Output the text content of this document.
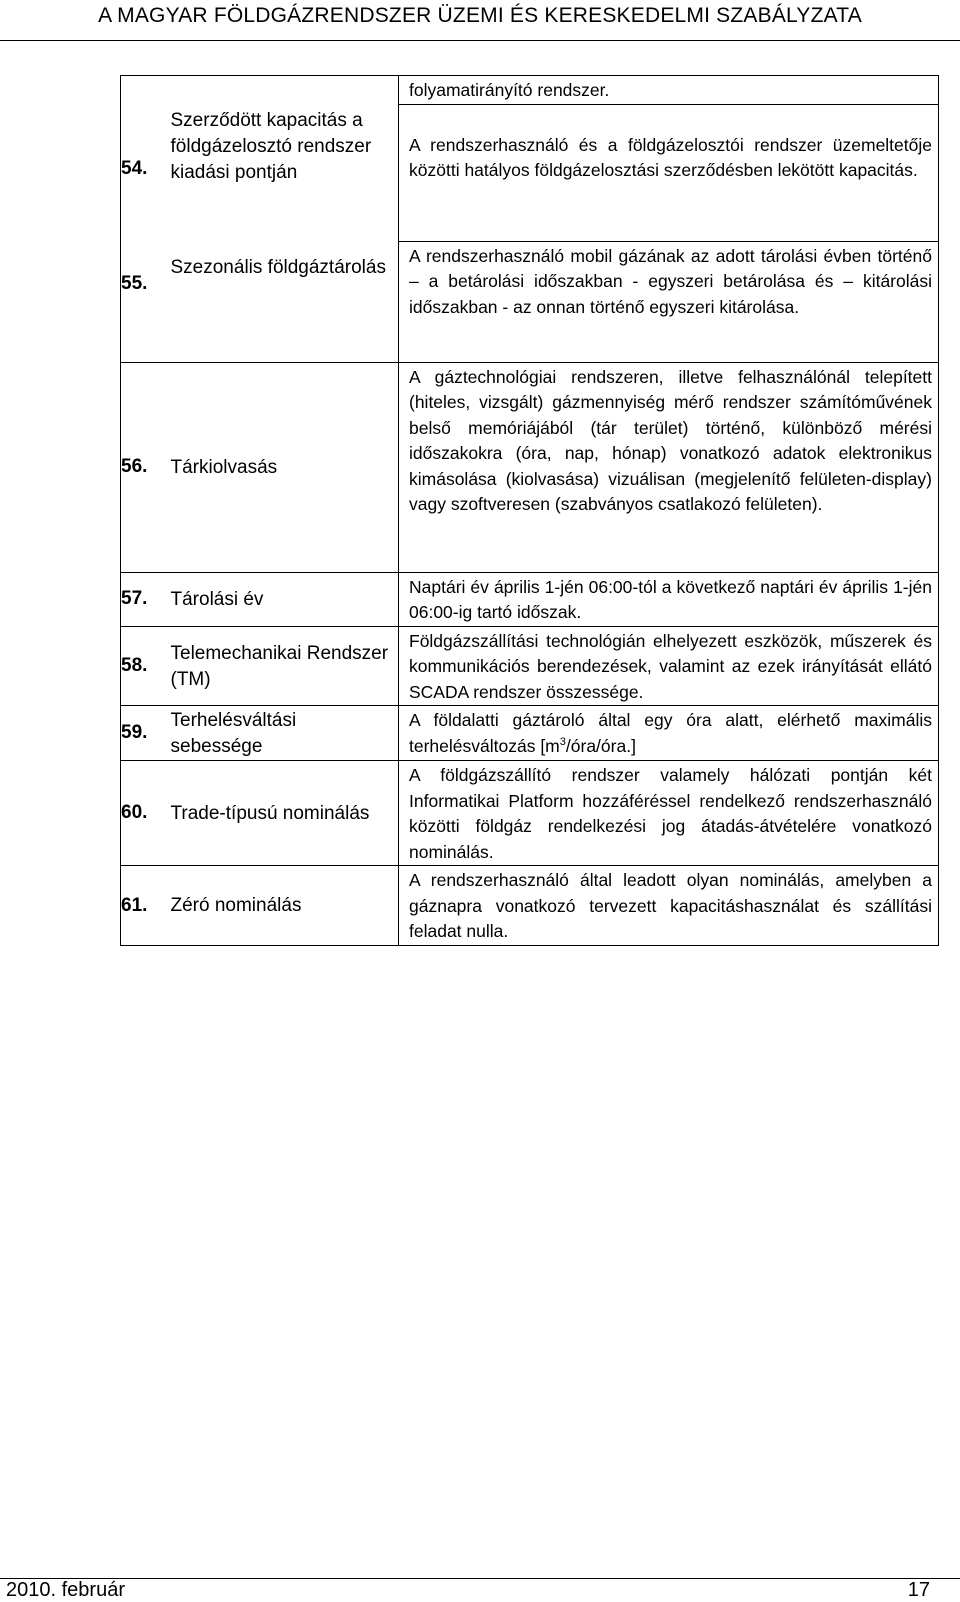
A MAGYAR FÖLDGÁZRENDSZER ÜZEMI ÉS KERESKEDELMI SZABÁLYZATA
54.	Szerződött kapacitás a földgázelosztó rendszer kiadási pontján	folyamatirányító rendszer.
		A rendszerhasználó és a földgázelosztói rendszer üzemeltetője közötti hatályos földgázelosztási szerződésben lekötött kapacitás.
55.	Szezonális földgáztárolás	A rendszerhasználó mobil gázának az adott tárolási évben történő – a betárolási időszakban - egyszeri betárolása és – kitárolási időszakban - az onnan történő egyszeri kitárolása.
56.	Tárkiolvasás	A gáztechnológiai rendszeren, illetve felhasználónál telepített (hiteles, vizsgált) gázmennyiség mérő rendszer számítóművének belső memóriájából (tár terület) történő, különböző mérési időszakokra (óra, nap, hónap) vonatkozó adatok elektronikus kimásolása (kiolvasása) vizuálisan (megjelenítő felületen-display) vagy szoftveresen (szabványos csatlakozó felületen).
57.	Tárolási év	Naptári év április 1-jén 06:00-tól a következő naptári év április 1-jén 06:00-ig tartó időszak.
58.	Telemechanikai Rendszer (TM)	Földgázszállítási technológián elhelyezett eszközök, műszerek és kommunikációs berendezések, valamint az ezek irányítását ellátó SCADA rendszer összessége.
59.	Terhelésváltási sebessége	A földalatti gáztároló által egy óra alatt, elérhető maximális terhelésváltozás $[m^3/óra/óra.]$
60.	Trade-típusú nominálás	A földgázszállító rendszer valamely hálózati pontján két Informatikai Platform hozzáféréssel rendelkező rendszerhasználó közötti földgáz rendelkezési jog átadás-átvételére vonatkozó nominálás.
61.	Zéró nominálás	A rendszerhasználó által leadott olyan nominálás, amelyben a gáznapra vonatkozó tervezett kapacitáshasználat és szállítási feladat nulla.
2010. február	17
